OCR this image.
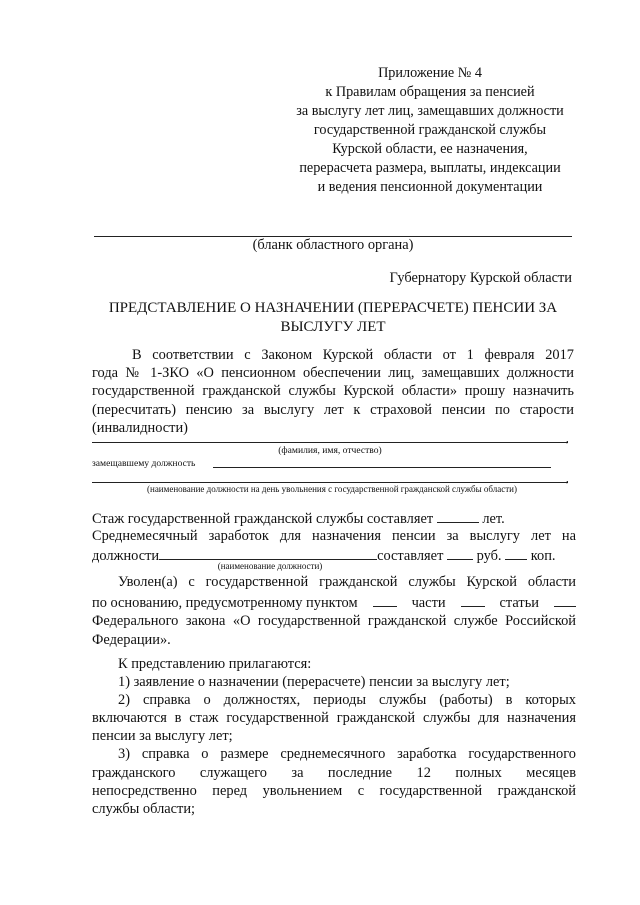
Приложение № 4
к Правилам обращения за пенсией
за выслугу лет лиц, замещавших должности
государственной гражданской службы
Курской области, ее назначения,
перерасчета размера, выплаты, индексации
и ведения пенсионной документации
(бланк областного органа)
Губернатору Курской области
ПРЕДСТАВЛЕНИЕ О НАЗНАЧЕНИИ (ПЕРЕРАСЧЕТЕ) ПЕНСИИ ЗА
ВЫСЛУГУ ЛЕТ
В соответствии с Законом Курской области от 1 февраля 2017
года № 1-ЗКО «О пенсионном обеспечении лиц, замещавших должности
государственной гражданской службы Курской области» прошу назначить
(пересчитать) пенсию за выслугу лет к страховой пенсии по старости
(инвалидности)
,
(фамилия, имя, отчество)
замещавшему должность
,
(наименование должности на день увольнения с государственной гражданской службы области)
Стаж государственной гражданской службы составляет	лет.
Среднемесячный заработок для назначения пенсии за выслугу лет на
должности	составляет руб. коп.
(наименование должности)
Уволен(а) с государственной гражданской службы Курской области
по основанию, предусмотренному пунктом	части	статьи
Федерального закона «О государственной гражданской службе Российской
Федерации».
К представлению прилагаются:
1) заявление о назначении (перерасчете) пенсии за выслугу лет;
2) справка о должностях, периоды службы (работы) в которых
включаются в стаж государственной гражданской службы для назначения
пенсии за выслугу лет;
3) справка о размере среднемесячного заработка государственного
гражданского служащего за последние 12 полных месяцев
непосредственно перед увольнением с государственной гражданской
службы области;
